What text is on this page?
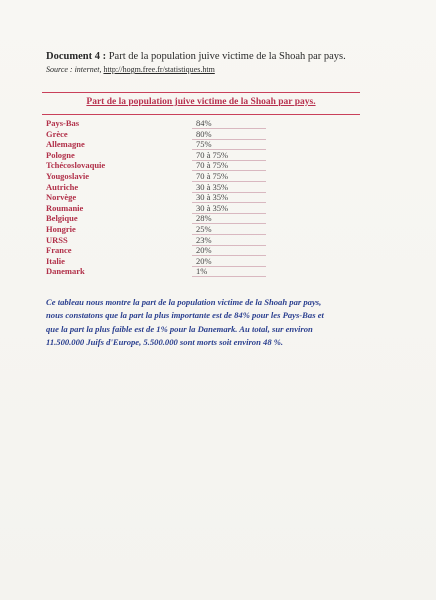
Document 4 : Part de la population juive victime de la Shoah par pays.
Source : internet, http://hogm.free.fr/statistiques.htm
Part de la population juive victime de la Shoah par pays.
Pays-Bas	84%
Grèce	80%
Allemagne	75%
Pologne	70 à 75%
Tchécoslovaquie	70 à 75%
Yougoslavie	70 à 75%
Autriche	30 à 35%
Norvège	30 à 35%
Roumanie	30 à 35%
Belgique	28%
Hongrie	25%
URSS	23%
France	20%
Italie	20%
Danemark	1%
Ce tableau nous montre la part de la population victime de la Shoah par pays,
nous constatons que la part la plus importante est de 84% pour les Pays-Bas et
que la part la plus faible est de 1% pour la Danemark. Au total, sur environ
11.500.000 Juifs d'Europe, 5.500.000 sont morts soit environ 48 %.
